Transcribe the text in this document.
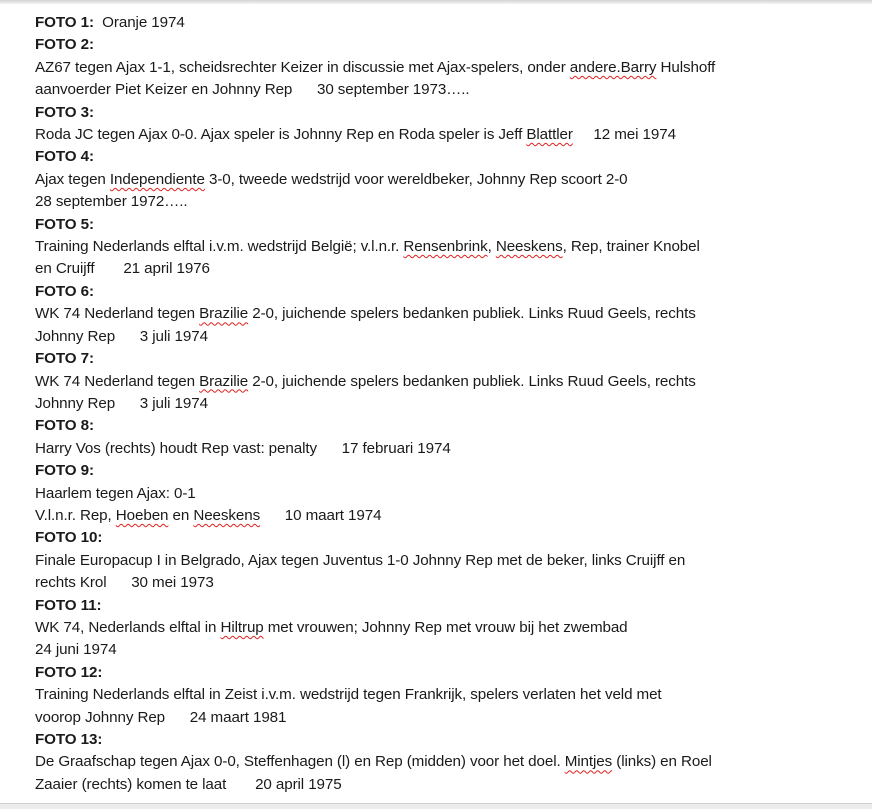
FOTO 1:  Oranje 1974
FOTO 2:
AZ67 tegen Ajax 1-1, scheidsrechter Keizer in discussie met Ajax-spelers, onder andere.Barry Hulshoff
aanvoerder Piet Keizer en Johnny Rep      30 september 1973…..
FOTO 3:
Roda JC tegen Ajax 0-0. Ajax speler is Johnny Rep en Roda speler is Jeff Blattler     12 mei 1974
FOTO 4:
Ajax tegen Independiente 3-0, tweede wedstrijd voor wereldbeker, Johnny Rep scoort 2-0
28 september 1972…..
FOTO 5:
Training Nederlands elftal i.v.m. wedstrijd België; v.l.n.r. Rensenbrink, Neeskens, Rep, trainer Knobel
en Cruijff       21 april 1976
FOTO 6:
WK 74 Nederland tegen Brazilie 2-0, juichende spelers bedanken publiek. Links Ruud Geels, rechts
Johnny Rep      3 juli 1974
FOTO 7:
WK 74 Nederland tegen Brazilie 2-0, juichende spelers bedanken publiek. Links Ruud Geels, rechts
Johnny Rep      3 juli 1974
FOTO 8:
Harry Vos (rechts) houdt Rep vast: penalty      17 februari 1974
FOTO 9:
Haarlem tegen Ajax: 0-1
V.l.n.r. Rep, Hoeben en Neeskens      10 maart 1974
FOTO 10:
Finale Europacup I in Belgrado, Ajax tegen Juventus 1-0 Johnny Rep met de beker, links Cruijff en
rechts Krol      30 mei 1973
FOTO 11:
WK 74, Nederlands elftal in Hiltrup met vrouwen; Johnny Rep met vrouw bij het zwembad
24 juni 1974
FOTO 12:
Training Nederlands elftal in Zeist i.v.m. wedstrijd tegen Frankrijk, spelers verlaten het veld met
voorop Johnny Rep      24 maart 1981
FOTO 13:
De Graafschap tegen Ajax 0-0, Steffenhagen (l) en Rep (midden) voor het doel. Mintjes (links) en Roel
Zaaier (rechts) komen te laat       20 april 1975
